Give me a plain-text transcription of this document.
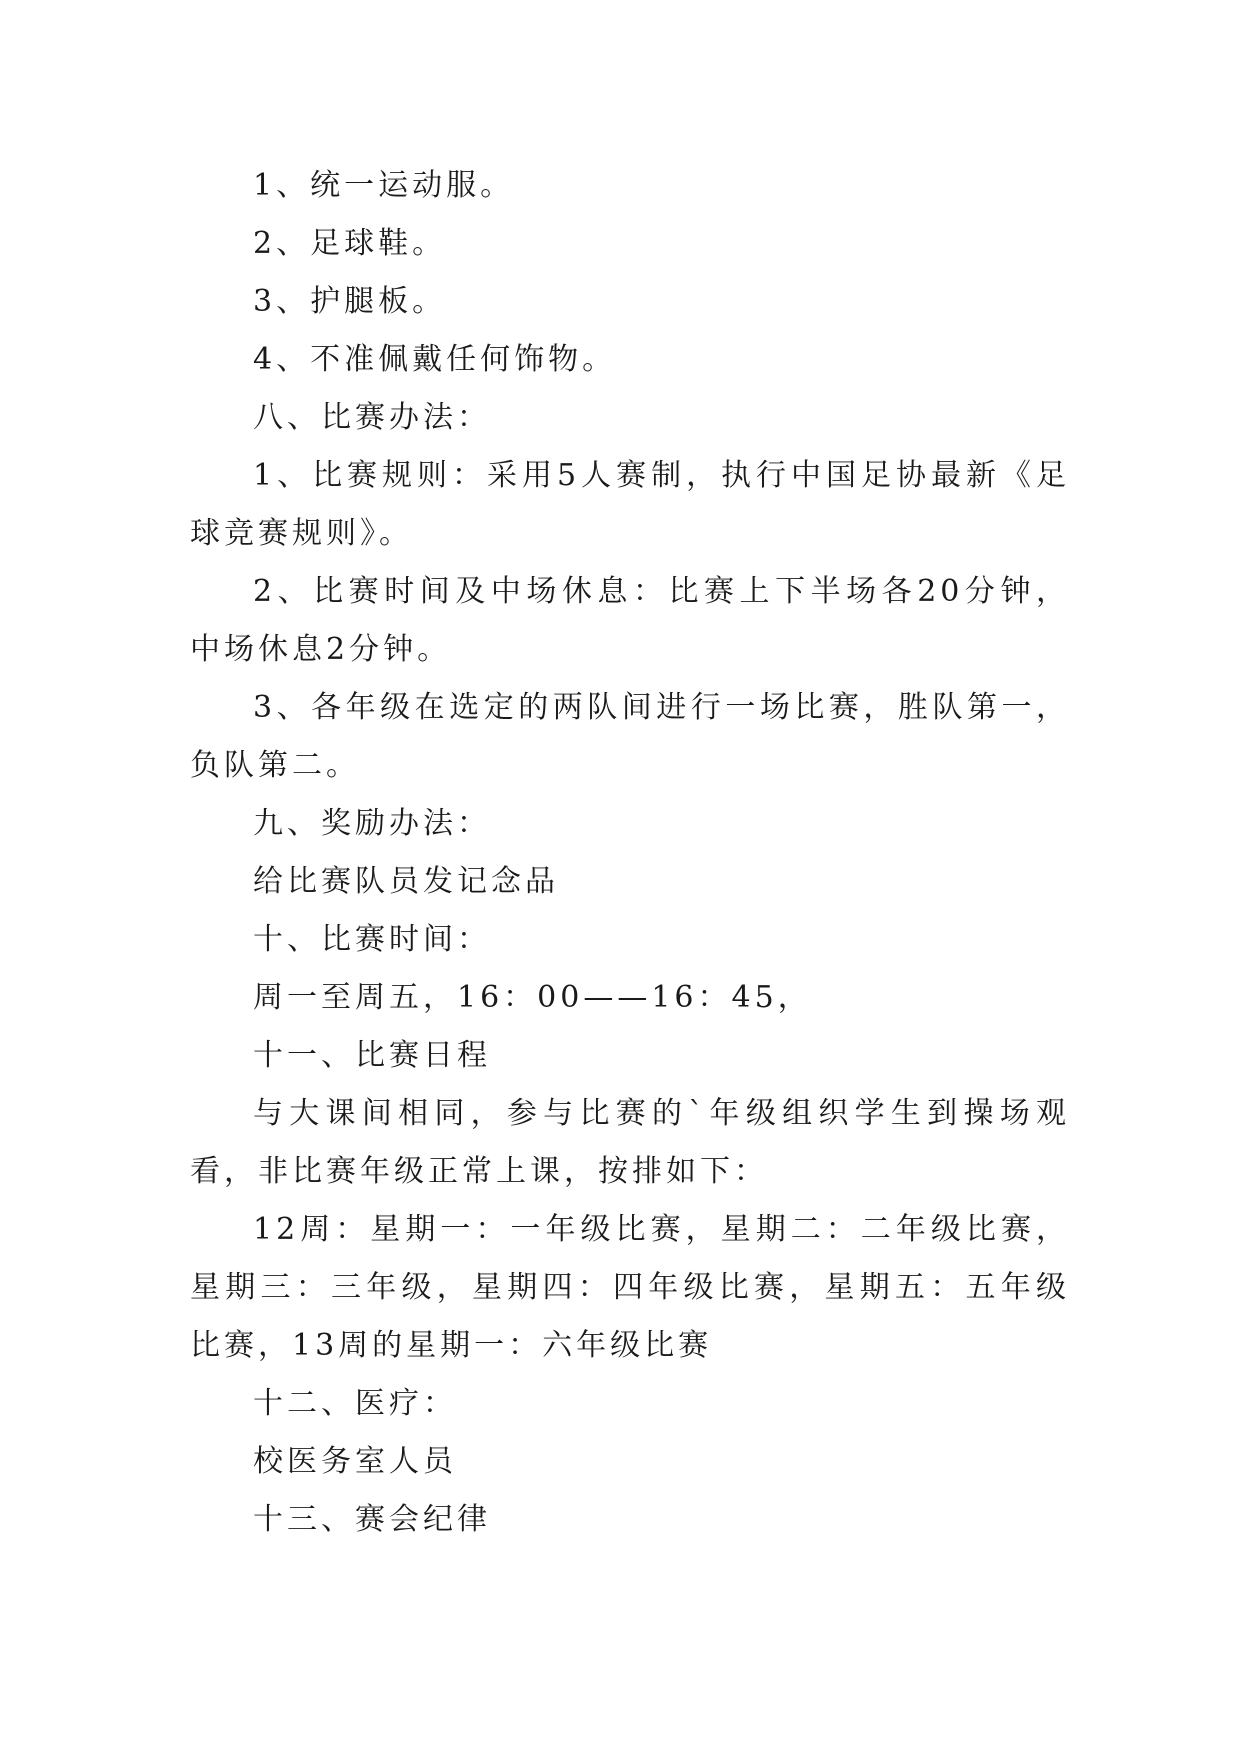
1、统一运动服。

2、足球鞋。

3、护腿板。

4、不准佩戴任何饰物。

八、比赛办法：

1、比赛规则：采用5人赛制，执行中国足协最新《足球竞赛规则》。

2、比赛时间及中场休息：比赛上下半场各20分钟，中场休息2分钟。

3、各年级在选定的两队间进行一场比赛，胜队第一，负队第二。

九、奖励办法：

给比赛队员发记念品

十、比赛时间：

周一至周五，16：00——16：45，

十一、比赛日程

与大课间相同，参与比赛的`年级组织学生到操场观看，非比赛年级正常上课，按排如下：

12周：星期一：一年级比赛，星期二：二年级比赛，星期三：三年级，星期四：四年级比赛，星期五：五年级比赛，13周的星期一：六年级比赛

十二、医疗：

校医务室人员

十三、赛会纪律
